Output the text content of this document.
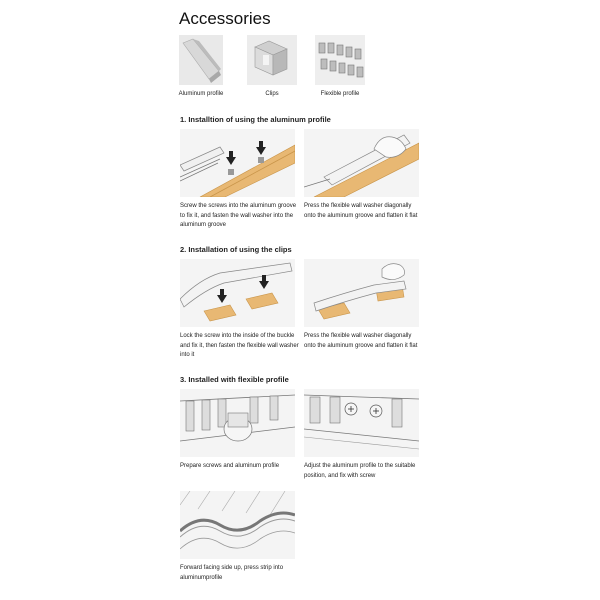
Accessories
Aluminum profile	Clips	Flexible profile
1. Installtion of using the aluminum profile
Screw the screws into the aluminum groove to fix it, and fasten the wall washer into the aluminum groove
Press the flexible wall washer diagonally onto the aluminum groove and flatten it flat
2. Installation of using the clips
Lock the screw into the inside of the buckle and fix it, then fasten the flexible wall washer into it
Press the flexible wall washer diagonally onto the aluminum groove and flatten it flat
3. Installed with flexible profile
Prepare screws and aluminum profile	Adjust the aluminum profile to the suitable position, and fix with screw
Forward facing side up, press strip into aluminumprofile
